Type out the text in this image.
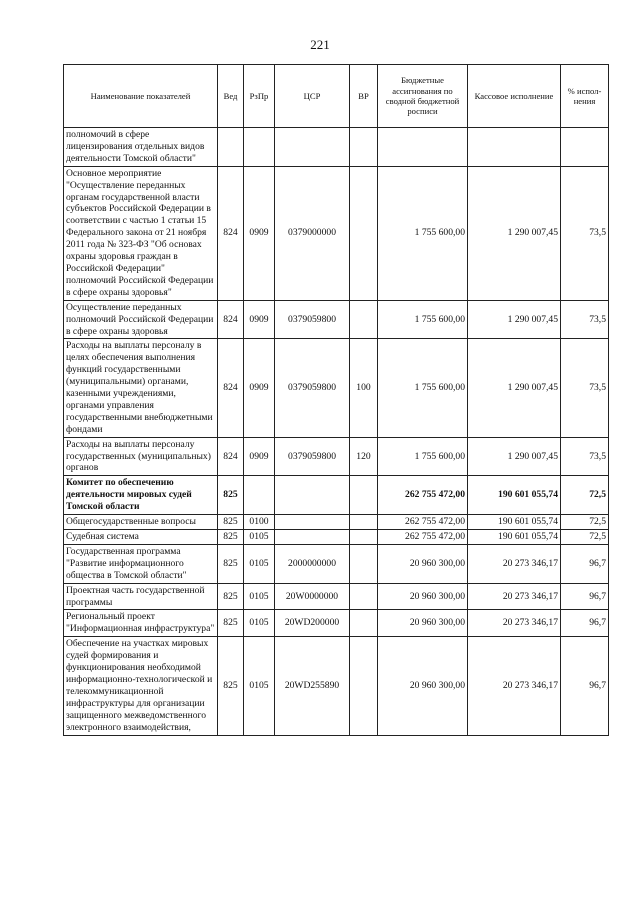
221
Наименование показателей	Вед	РзПр	ЦСР	ВР	Бюджетные ассигнования по сводной бюджетной росписи	Кассовое исполнение	% испол-нения
полномочий в сфере лицензирования отдельных видов деятельности Томской области"							
Основное мероприятие "Осуществление переданных органам государственной власти субъектов Российской Федерации в соответствии с частью 1 статьи 15 Федерального закона от 21 ноября 2011 года № 323-ФЗ "Об основах охраны здоровья граждан в Российской Федерации" полномочий Российской Федерации в сфере охраны здоровья"	824	0909	0379000000		1 755 600,00	1 290 007,45	73,5
Осуществление переданных полномочий Российской Федерации в сфере охраны здоровья	824	0909	0379059800		1 755 600,00	1 290 007,45	73,5
Расходы на выплаты персоналу в целях обеспечения выполнения функций государственными (муниципальными) органами, казенными учреждениями, органами управления государственными внебюджетными фондами	824	0909	0379059800	100	1 755 600,00	1 290 007,45	73,5
Расходы на выплаты персоналу государственных (муниципальных) органов	824	0909	0379059800	120	1 755 600,00	1 290 007,45	73,5
Комитет по обеспечению деятельности мировых судей Томской области	825				262 755 472,00	190 601 055,74	72,5
Общегосударственные вопросы	825	0100			262 755 472,00	190 601 055,74	72,5
Судебная система	825	0105			262 755 472,00	190 601 055,74	72,5
Государственная программа "Развитие информационного общества в Томской области"	825	0105	2000000000		20 960 300,00	20 273 346,17	96,7
Проектная часть государственной программы	825	0105	20W0000000		20 960 300,00	20 273 346,17	96,7
Региональный проект "Информационная инфраструктура"	825	0105	20WD200000		20 960 300,00	20 273 346,17	96,7
Обеспечение на участках мировых судей формирования и функционирования необходимой информационно-технологической и телекоммуникационной инфраструктуры для организации защищенного межведомственного электронного взаимодействия,	825	0105	20WD255890		20 960 300,00	20 273 346,17	96,7
